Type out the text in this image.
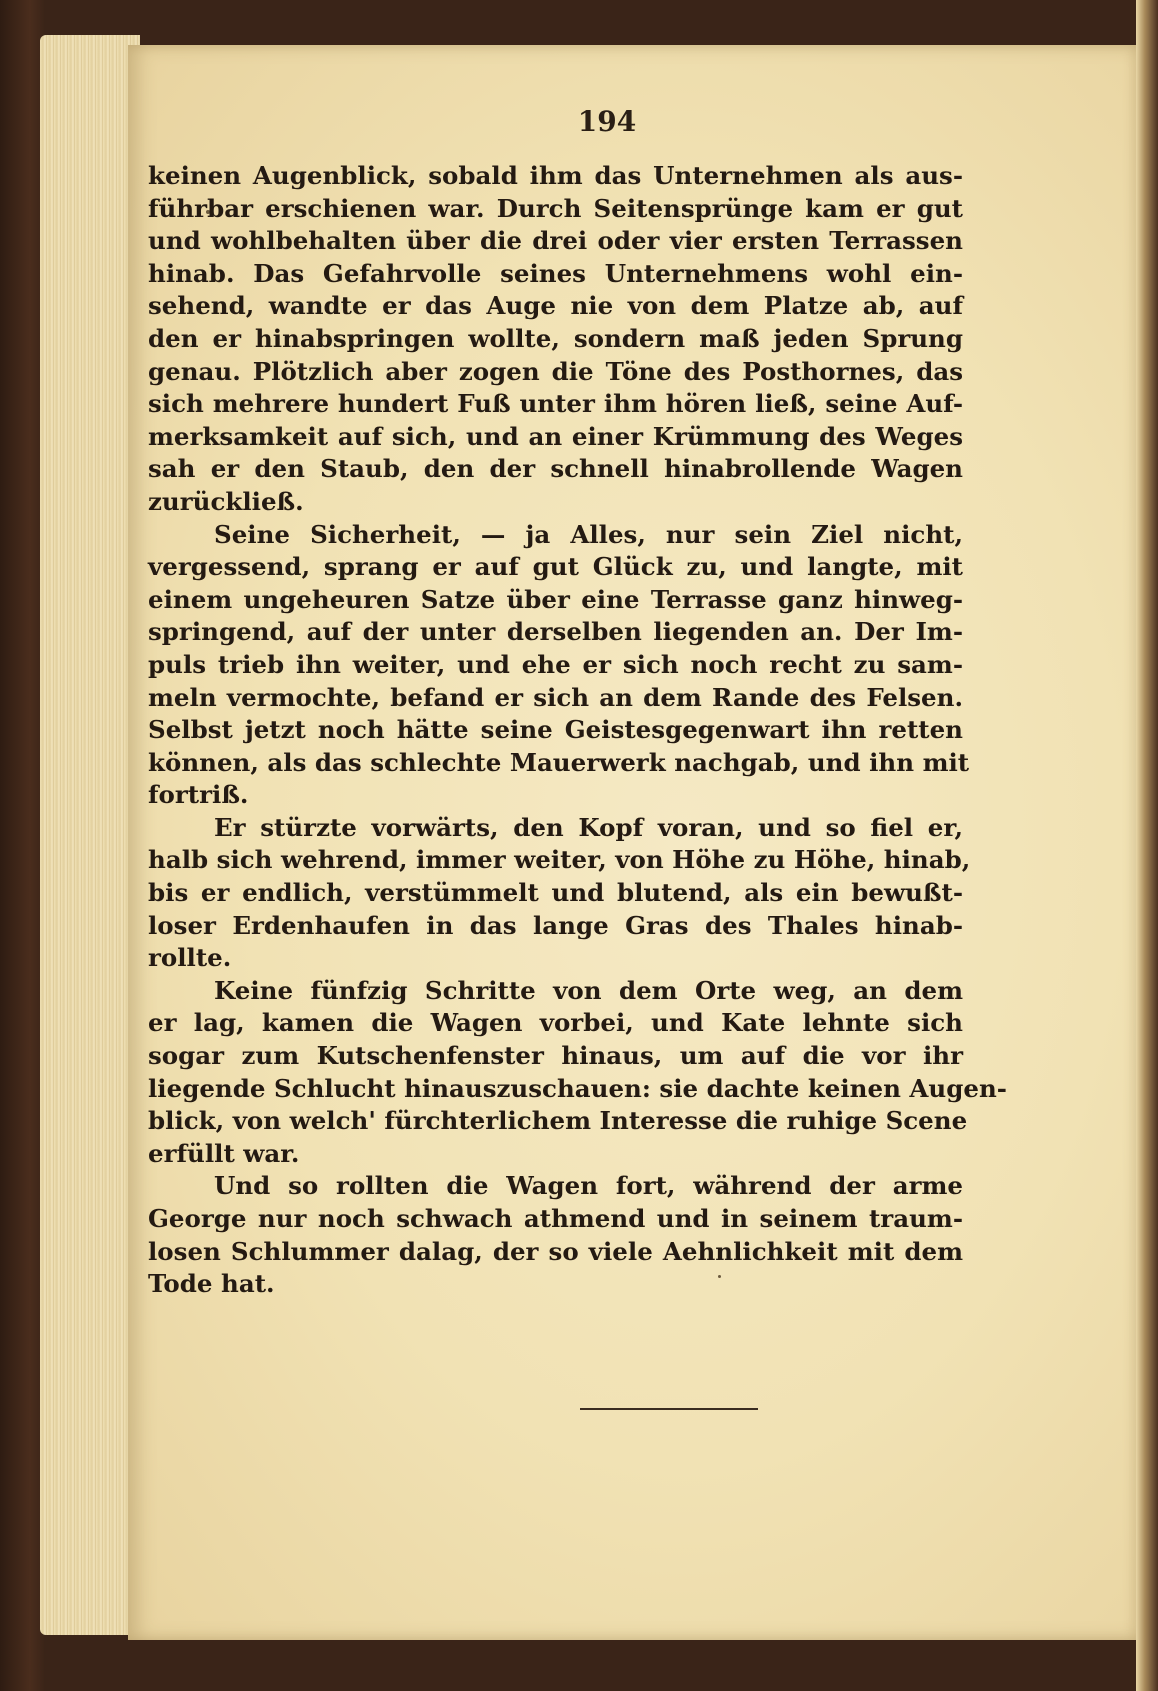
194
keinen Augenblick, sobald ihm das Unternehmen als aus-
führbar erschienen war. Durch Seitensprünge kam er gut
und wohlbehalten über die drei oder vier ersten Terrassen
hinab. Das Gefahrvolle seines Unternehmens wohl ein-
sehend, wandte er das Auge nie von dem Platze ab, auf
den er hinabspringen wollte, sondern maß jeden Sprung
genau. Plötzlich aber zogen die Töne des Posthornes, das
sich mehrere hundert Fuß unter ihm hören ließ, seine Auf-
merksamkeit auf sich, und an einer Krümmung des Weges
sah er den Staub, den der schnell hinabrollende Wagen
zurückließ.
Seine Sicherheit, — ja Alles, nur sein Ziel nicht,
vergessend, sprang er auf gut Glück zu, und langte, mit
einem ungeheuren Satze über eine Terrasse ganz hinweg-
springend, auf der unter derselben liegenden an. Der Im-
puls trieb ihn weiter, und ehe er sich noch recht zu sam-
meln vermochte, befand er sich an dem Rande des Felsen.
Selbst jetzt noch hätte seine Geistesgegenwart ihn retten
können, als das schlechte Mauerwerk nachgab, und ihn mit
fortriß.
Er stürzte vorwärts, den Kopf voran, und so fiel er,
halb sich wehrend, immer weiter, von Höhe zu Höhe, hinab,
bis er endlich, verstümmelt und blutend, als ein bewußt-
loser Erdenhaufen in das lange Gras des Thales hinab-
rollte.
Keine fünfzig Schritte von dem Orte weg, an dem
er lag, kamen die Wagen vorbei, und Kate lehnte sich
sogar zum Kutschenfenster hinaus, um auf die vor ihr
liegende Schlucht hinauszuschauen: sie dachte keinen Augen-
blick, von welch' fürchterlichem Interesse die ruhige Scene
erfüllt war.
Und so rollten die Wagen fort, während der arme
George nur noch schwach athmend und in seinem traum-
losen Schlummer dalag, der so viele Aehnlichkeit mit dem
Tode hat.
